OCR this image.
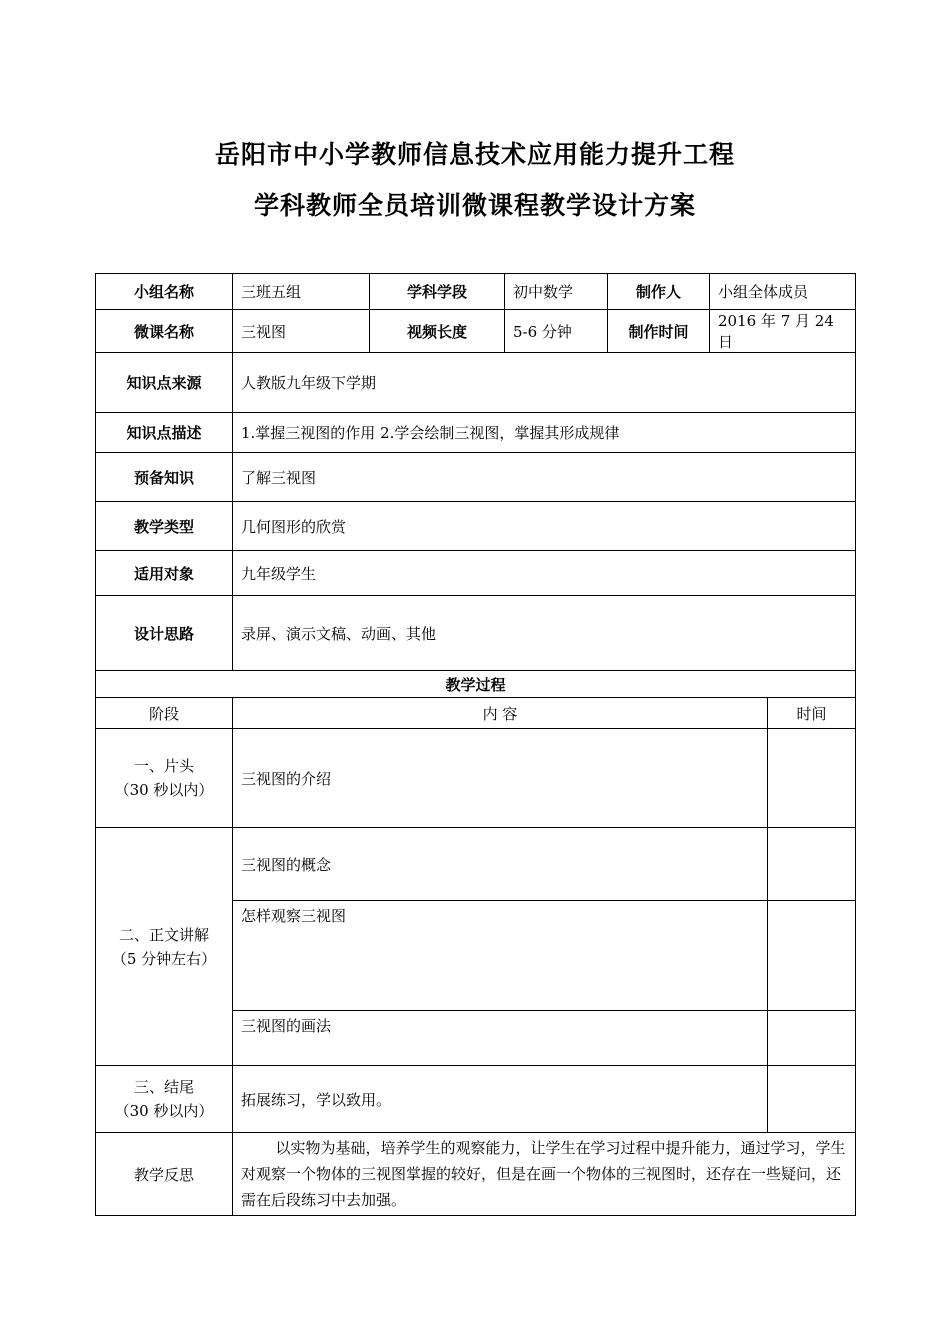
岳阳市中小学教师信息技术应用能力提升工程
学科教师全员培训微课程教学设计方案
小组名称	三班五组	学科学段	初中数学	制作人	小组全体成员	
微课名称	三视图	视频长度	5-6 分钟	制作时间	2016 年 7 月 24 日	
知识点来源	人教版九年级下学期					
知识点描述	1.掌握三视图的作用 2.学会绘制三视图，掌握其形成规律					
预备知识	了解三视图					
教学类型	几何图形的欣赏					
适用对象	九年级学生					
设计思路	录屏、演示文稿、动画、其他					
教学过程						
阶段	内 容					时间

一、片头
（30 秒以内）	三视图的介绍					

二、正文讲解
（5 分钟左右）	三视图的概念					
	怎样观察三视图					
	三视图的画法					

三、结尾
（30 秒以内）	拓展练习，学以致用。					
教学反思	以实物为基础，培养学生的观察能力，让学生在学习过程中提升能力，通过学习，学生对观察一个物体的三视图掌握的较好，但是在画一个物体的三视图时，还存在一些疑问，还需在后段练习中去加强。					
